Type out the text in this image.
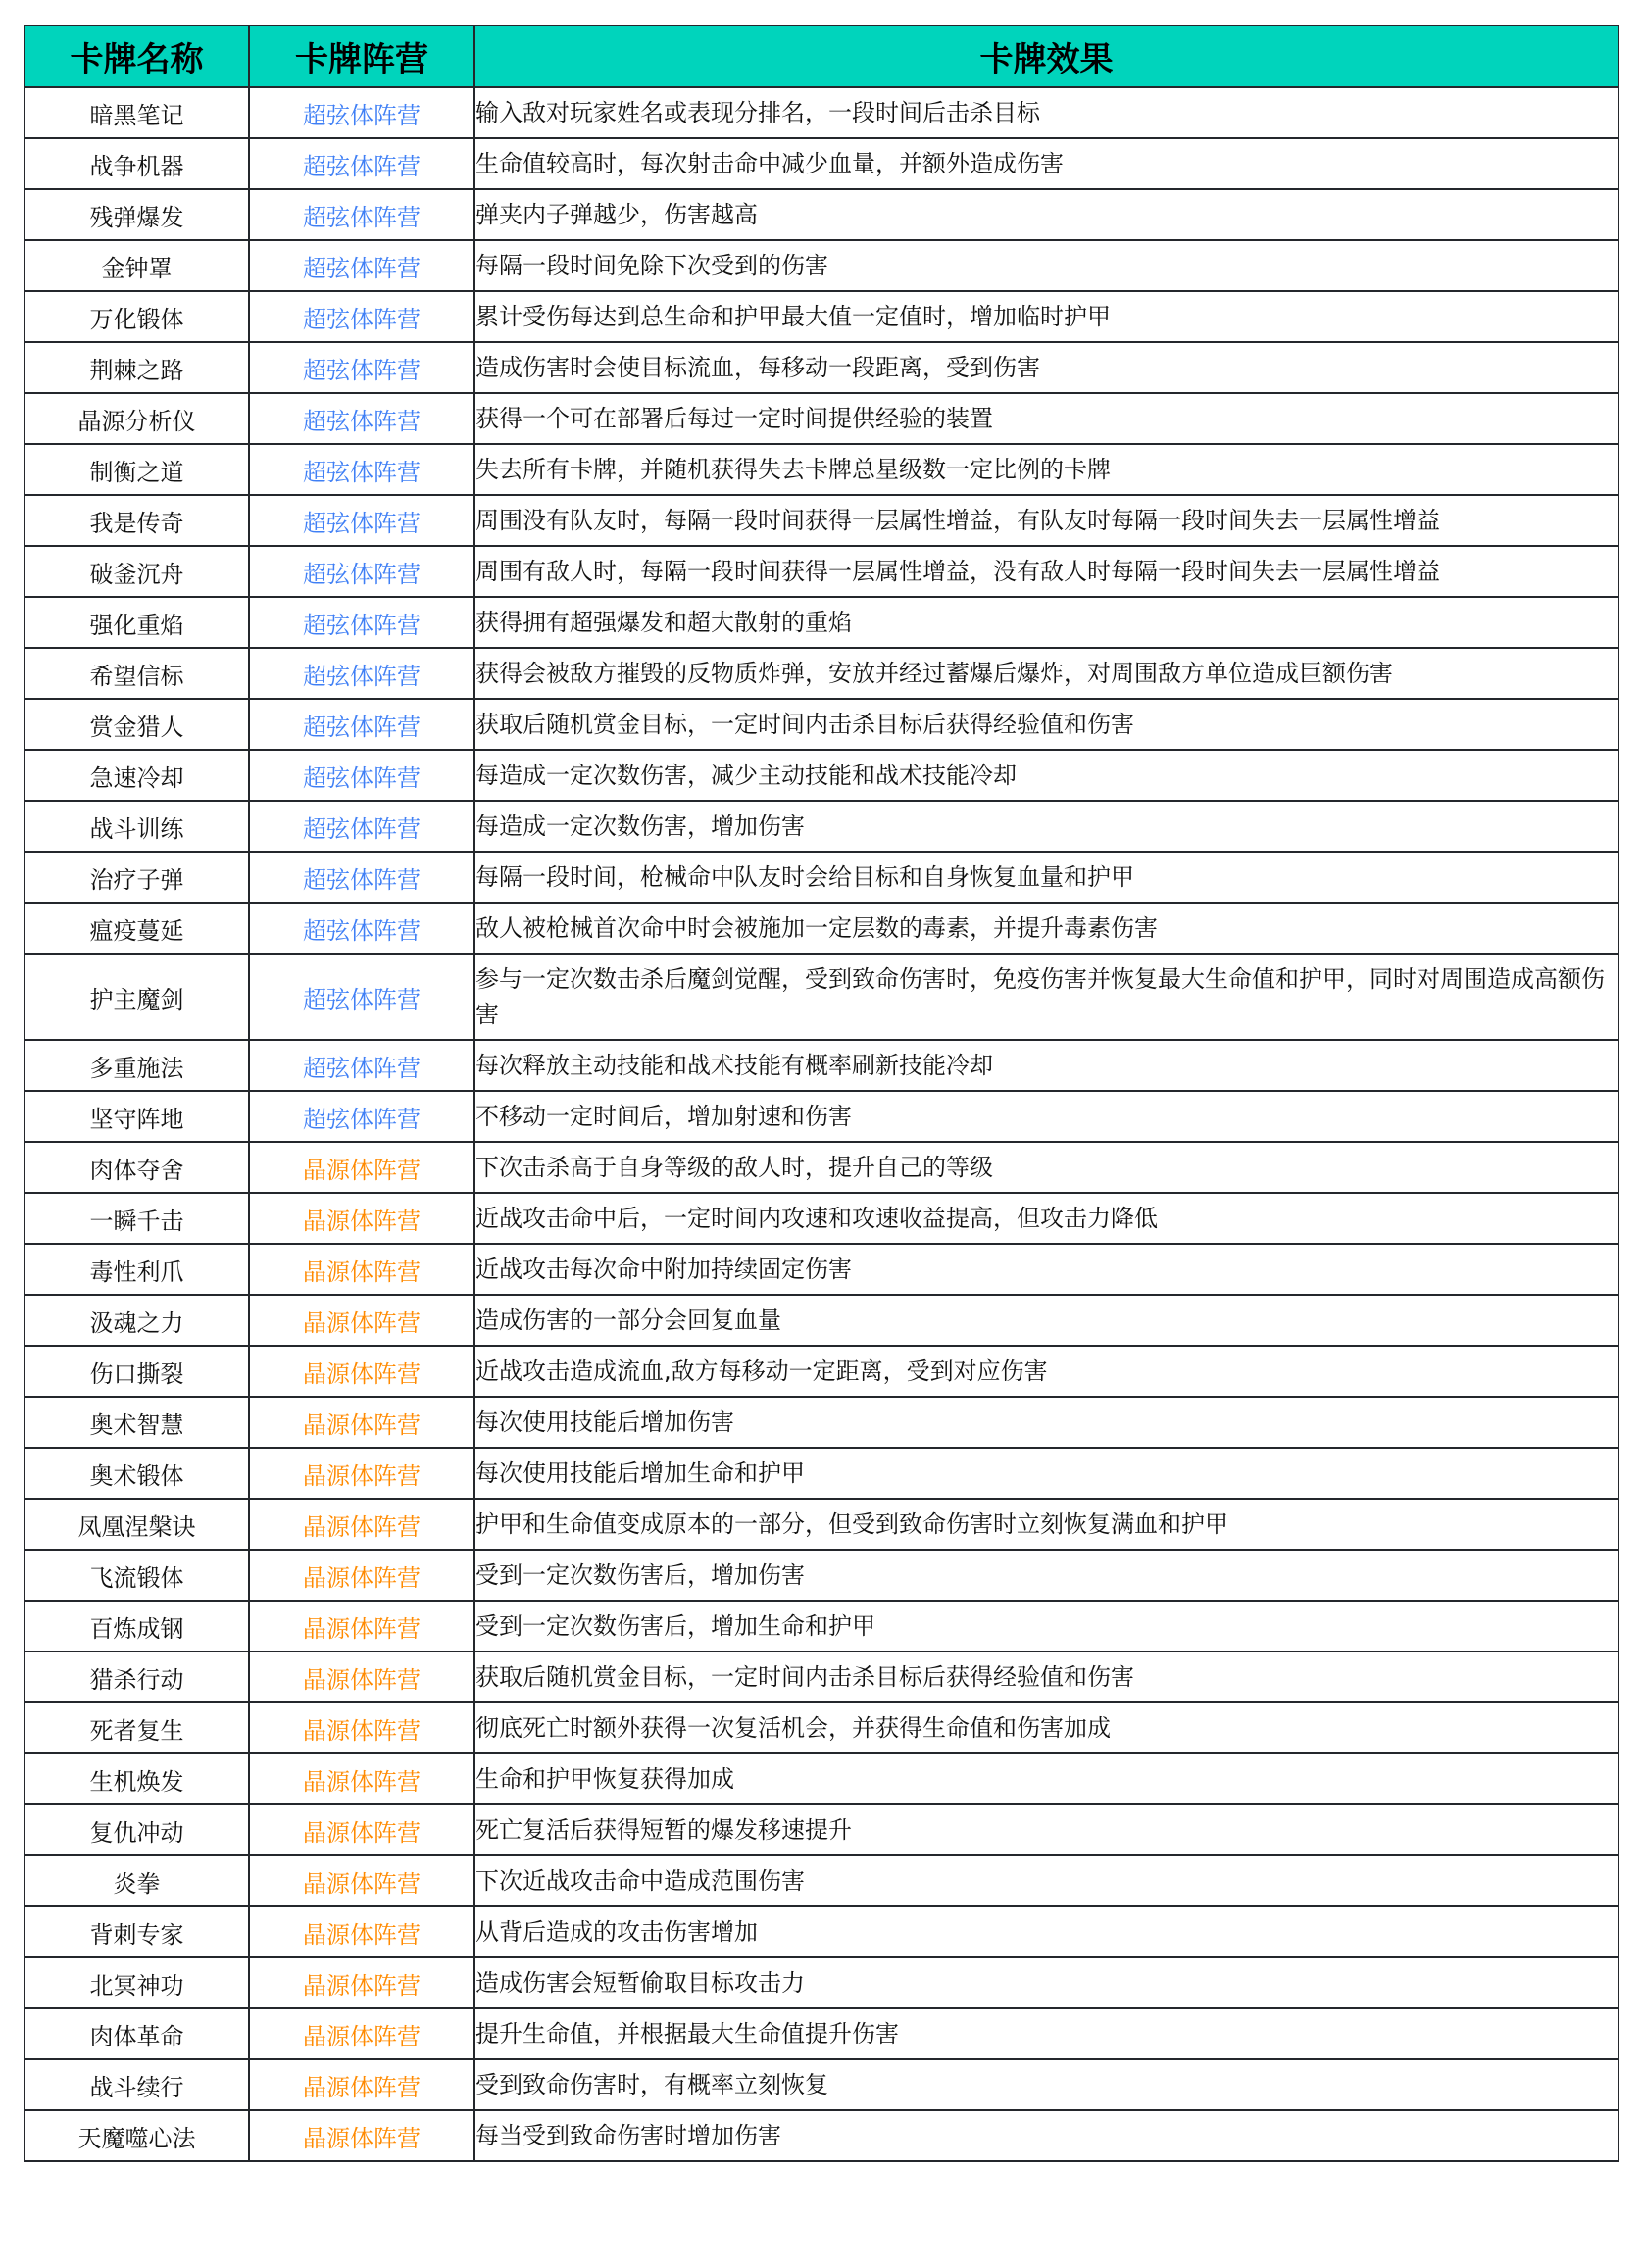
卡牌名称	卡牌阵营	卡牌效果
暗黑笔记	超弦体阵营	输入敌对玩家姓名或表现分排名，一段时间后击杀目标
战争机器	超弦体阵营	生命值较高时，每次射击命中减少血量，并额外造成伤害
残弹爆发	超弦体阵营	弹夹内子弹越少，伤害越高
金钟罩	超弦体阵营	每隔一段时间免除下次受到的伤害
万化锻体	超弦体阵营	累计受伤每达到总生命和护甲最大值一定值时，增加临时护甲
荆棘之路	超弦体阵营	造成伤害时会使目标流血，每移动一段距离，受到伤害
晶源分析仪	超弦体阵营	获得一个可在部署后每过一定时间提供经验的装置
制衡之道	超弦体阵营	失去所有卡牌，并随机获得失去卡牌总星级数一定比例的卡牌
我是传奇	超弦体阵营	周围没有队友时，每隔一段时间获得一层属性增益，有队友时每隔一段时间失去一层属性增益
破釜沉舟	超弦体阵营	周围有敌人时，每隔一段时间获得一层属性增益，没有敌人时每隔一段时间失去一层属性增益
强化重焰	超弦体阵营	获得拥有超强爆发和超大散射的重焰
希望信标	超弦体阵营	获得会被敌方摧毁的反物质炸弹，安放并经过蓄爆后爆炸，对周围敌方单位造成巨额伤害
赏金猎人	超弦体阵营	获取后随机赏金目标，一定时间内击杀目标后获得经验值和伤害
急速冷却	超弦体阵营	每造成一定次数伤害，减少主动技能和战术技能冷却
战斗训练	超弦体阵营	每造成一定次数伤害，增加伤害
治疗子弹	超弦体阵营	每隔一段时间，枪械命中队友时会给目标和自身恢复血量和护甲
瘟疫蔓延	超弦体阵营	敌人被枪械首次命中时会被施加一定层数的毒素，并提升毒素伤害
护主魔剑	超弦体阵营	参与一定次数击杀后魔剑觉醒，受到致命伤害时，免疫伤害并恢复最大生命值和护甲，同时对周围造成高额伤害
多重施法	超弦体阵营	每次释放主动技能和战术技能有概率刷新技能冷却
坚守阵地	超弦体阵营	不移动一定时间后，增加射速和伤害
肉体夺舍	晶源体阵营	下次击杀高于自身等级的敌人时，提升自己的等级
一瞬千击	晶源体阵营	近战攻击命中后，一定时间内攻速和攻速收益提高，但攻击力降低
毒性利爪	晶源体阵营	近战攻击每次命中附加持续固定伤害
汲魂之力	晶源体阵营	造成伤害的一部分会回复血量
伤口撕裂	晶源体阵营	近战攻击造成流血,敌方每移动一定距离，受到对应伤害
奥术智慧	晶源体阵营	每次使用技能后增加伤害
奥术锻体	晶源体阵营	每次使用技能后增加生命和护甲
凤凰涅槃诀	晶源体阵营	护甲和生命值变成原本的一部分，但受到致命伤害时立刻恢复满血和护甲
飞流锻体	晶源体阵营	受到一定次数伤害后，增加伤害
百炼成钢	晶源体阵营	受到一定次数伤害后，增加生命和护甲
猎杀行动	晶源体阵营	获取后随机赏金目标，一定时间内击杀目标后获得经验值和伤害
死者复生	晶源体阵营	彻底死亡时额外获得一次复活机会，并获得生命值和伤害加成
生机焕发	晶源体阵营	生命和护甲恢复获得加成
复仇冲动	晶源体阵营	死亡复活后获得短暂的爆发移速提升
炎拳	晶源体阵营	下次近战攻击命中造成范围伤害
背刺专家	晶源体阵营	从背后造成的攻击伤害增加
北冥神功	晶源体阵营	造成伤害会短暂偷取目标攻击力
肉体革命	晶源体阵营	提升生命值，并根据最大生命值提升伤害
战斗续行	晶源体阵营	受到致命伤害时，有概率立刻恢复
天魔噬心法	晶源体阵营	每当受到致命伤害时增加伤害
